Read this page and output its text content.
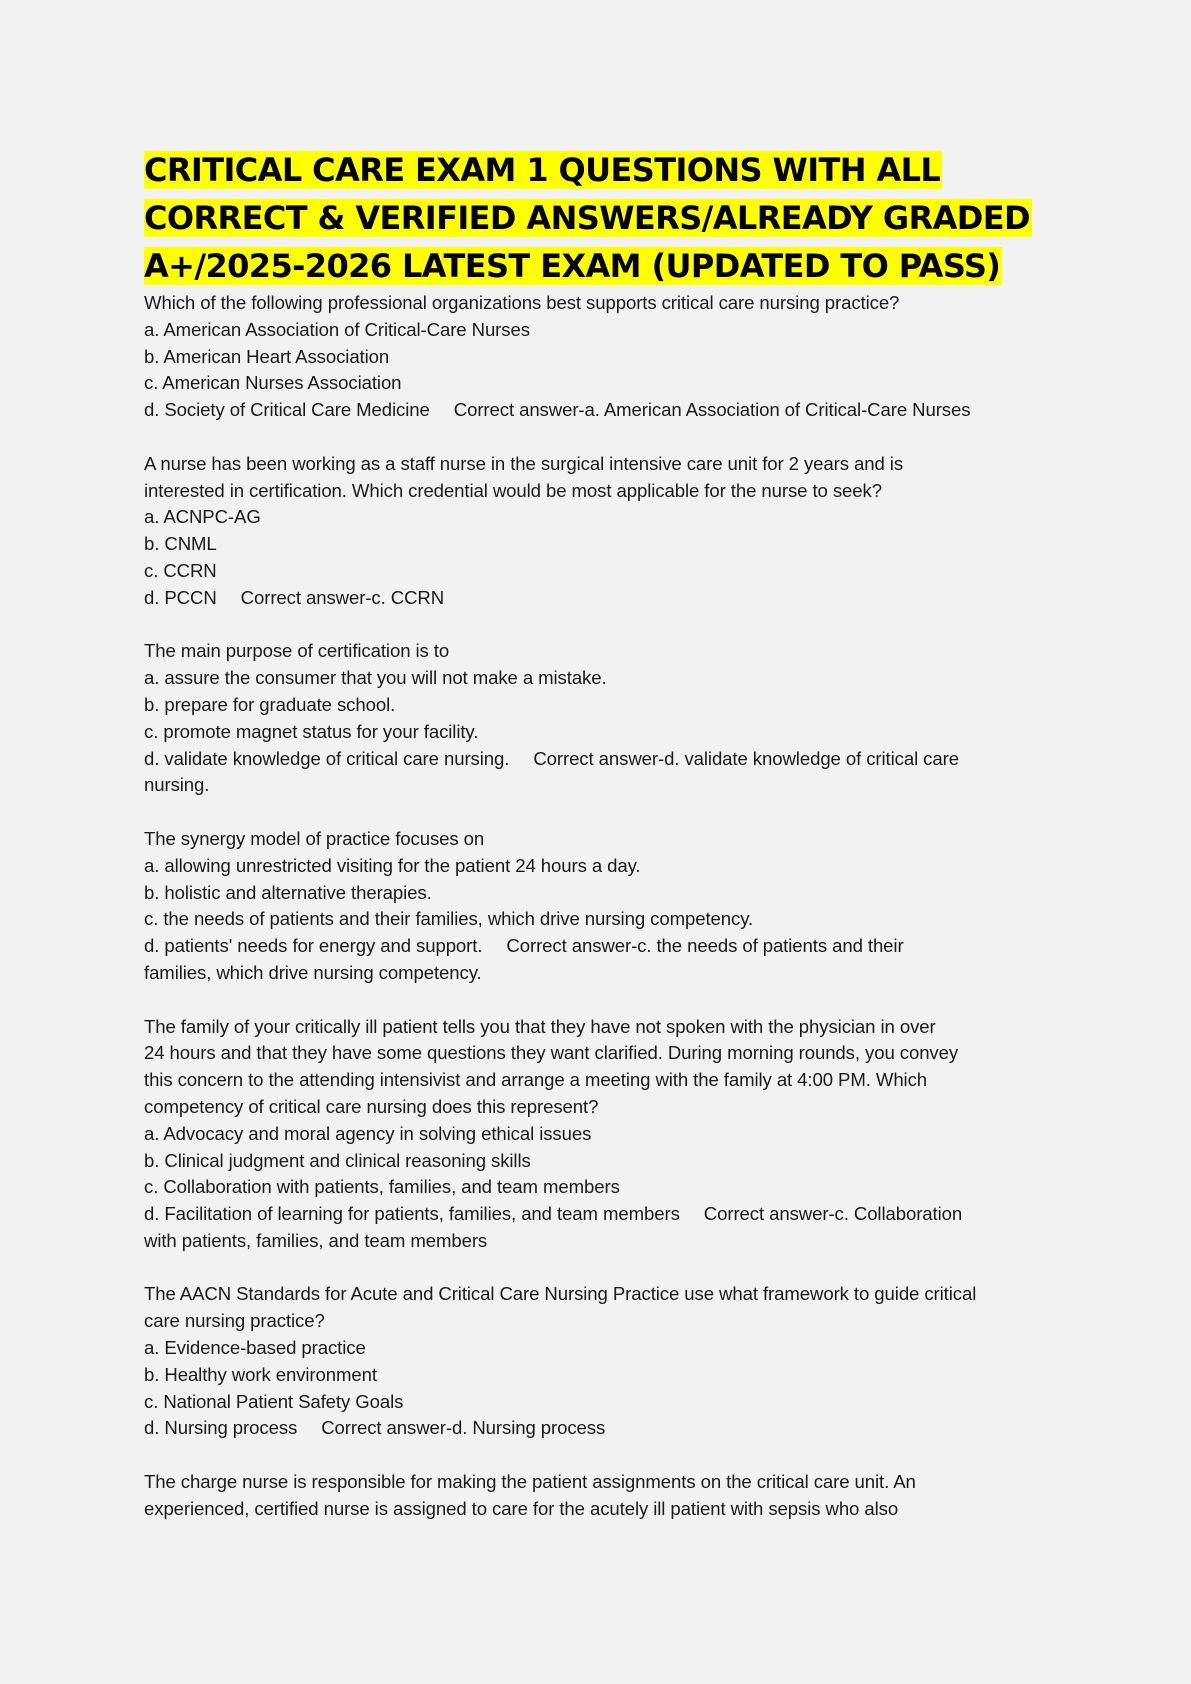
CRITICAL CARE EXAM 1 QUESTIONS WITH ALL
CORRECT & VERIFIED ANSWERS/ALREADY GRADED
A+/2025-2026 LATEST EXAM (UPDATED TO PASS)
Which of the following professional organizations best supports critical care nursing practice?
a. American Association of Critical-Care Nurses
b. American Heart Association
c. American Nurses Association
d. Society of Critical Care Medicine Correct answer-a. American Association of Critical-Care Nurses
A nurse has been working as a staff nurse in the surgical intensive care unit for 2 years and is
interested in certification. Which credential would be most applicable for the nurse to seek?
a. ACNPC-AG
b. CNML
c. CCRN
d. PCCN Correct answer-c. CCRN
The main purpose of certification is to
a. assure the consumer that you will not make a mistake.
b. prepare for graduate school.
c. promote magnet status for your facility.
d. validate knowledge of critical care nursing. Correct answer-d. validate knowledge of critical care
nursing.
The synergy model of practice focuses on
a. allowing unrestricted visiting for the patient 24 hours a day.
b. holistic and alternative therapies.
c. the needs of patients and their families, which drive nursing competency.
d. patients' needs for energy and support. Correct answer-c. the needs of patients and their
families, which drive nursing competency.
The family of your critically ill patient tells you that they have not spoken with the physician in over
24 hours and that they have some questions they want clarified. During morning rounds, you convey
this concern to the attending intensivist and arrange a meeting with the family at 4:00 PM. Which
competency of critical care nursing does this represent?
a. Advocacy and moral agency in solving ethical issues
b. Clinical judgment and clinical reasoning skills
c. Collaboration with patients, families, and team members
d. Facilitation of learning for patients, families, and team members Correct answer-c. Collaboration
with patients, families, and team members
The AACN Standards for Acute and Critical Care Nursing Practice use what framework to guide critical
care nursing practice?
a. Evidence-based practice
b. Healthy work environment
c. National Patient Safety Goals
d. Nursing process Correct answer-d. Nursing process
The charge nurse is responsible for making the patient assignments on the critical care unit. An
experienced, certified nurse is assigned to care for the acutely ill patient with sepsis who also
